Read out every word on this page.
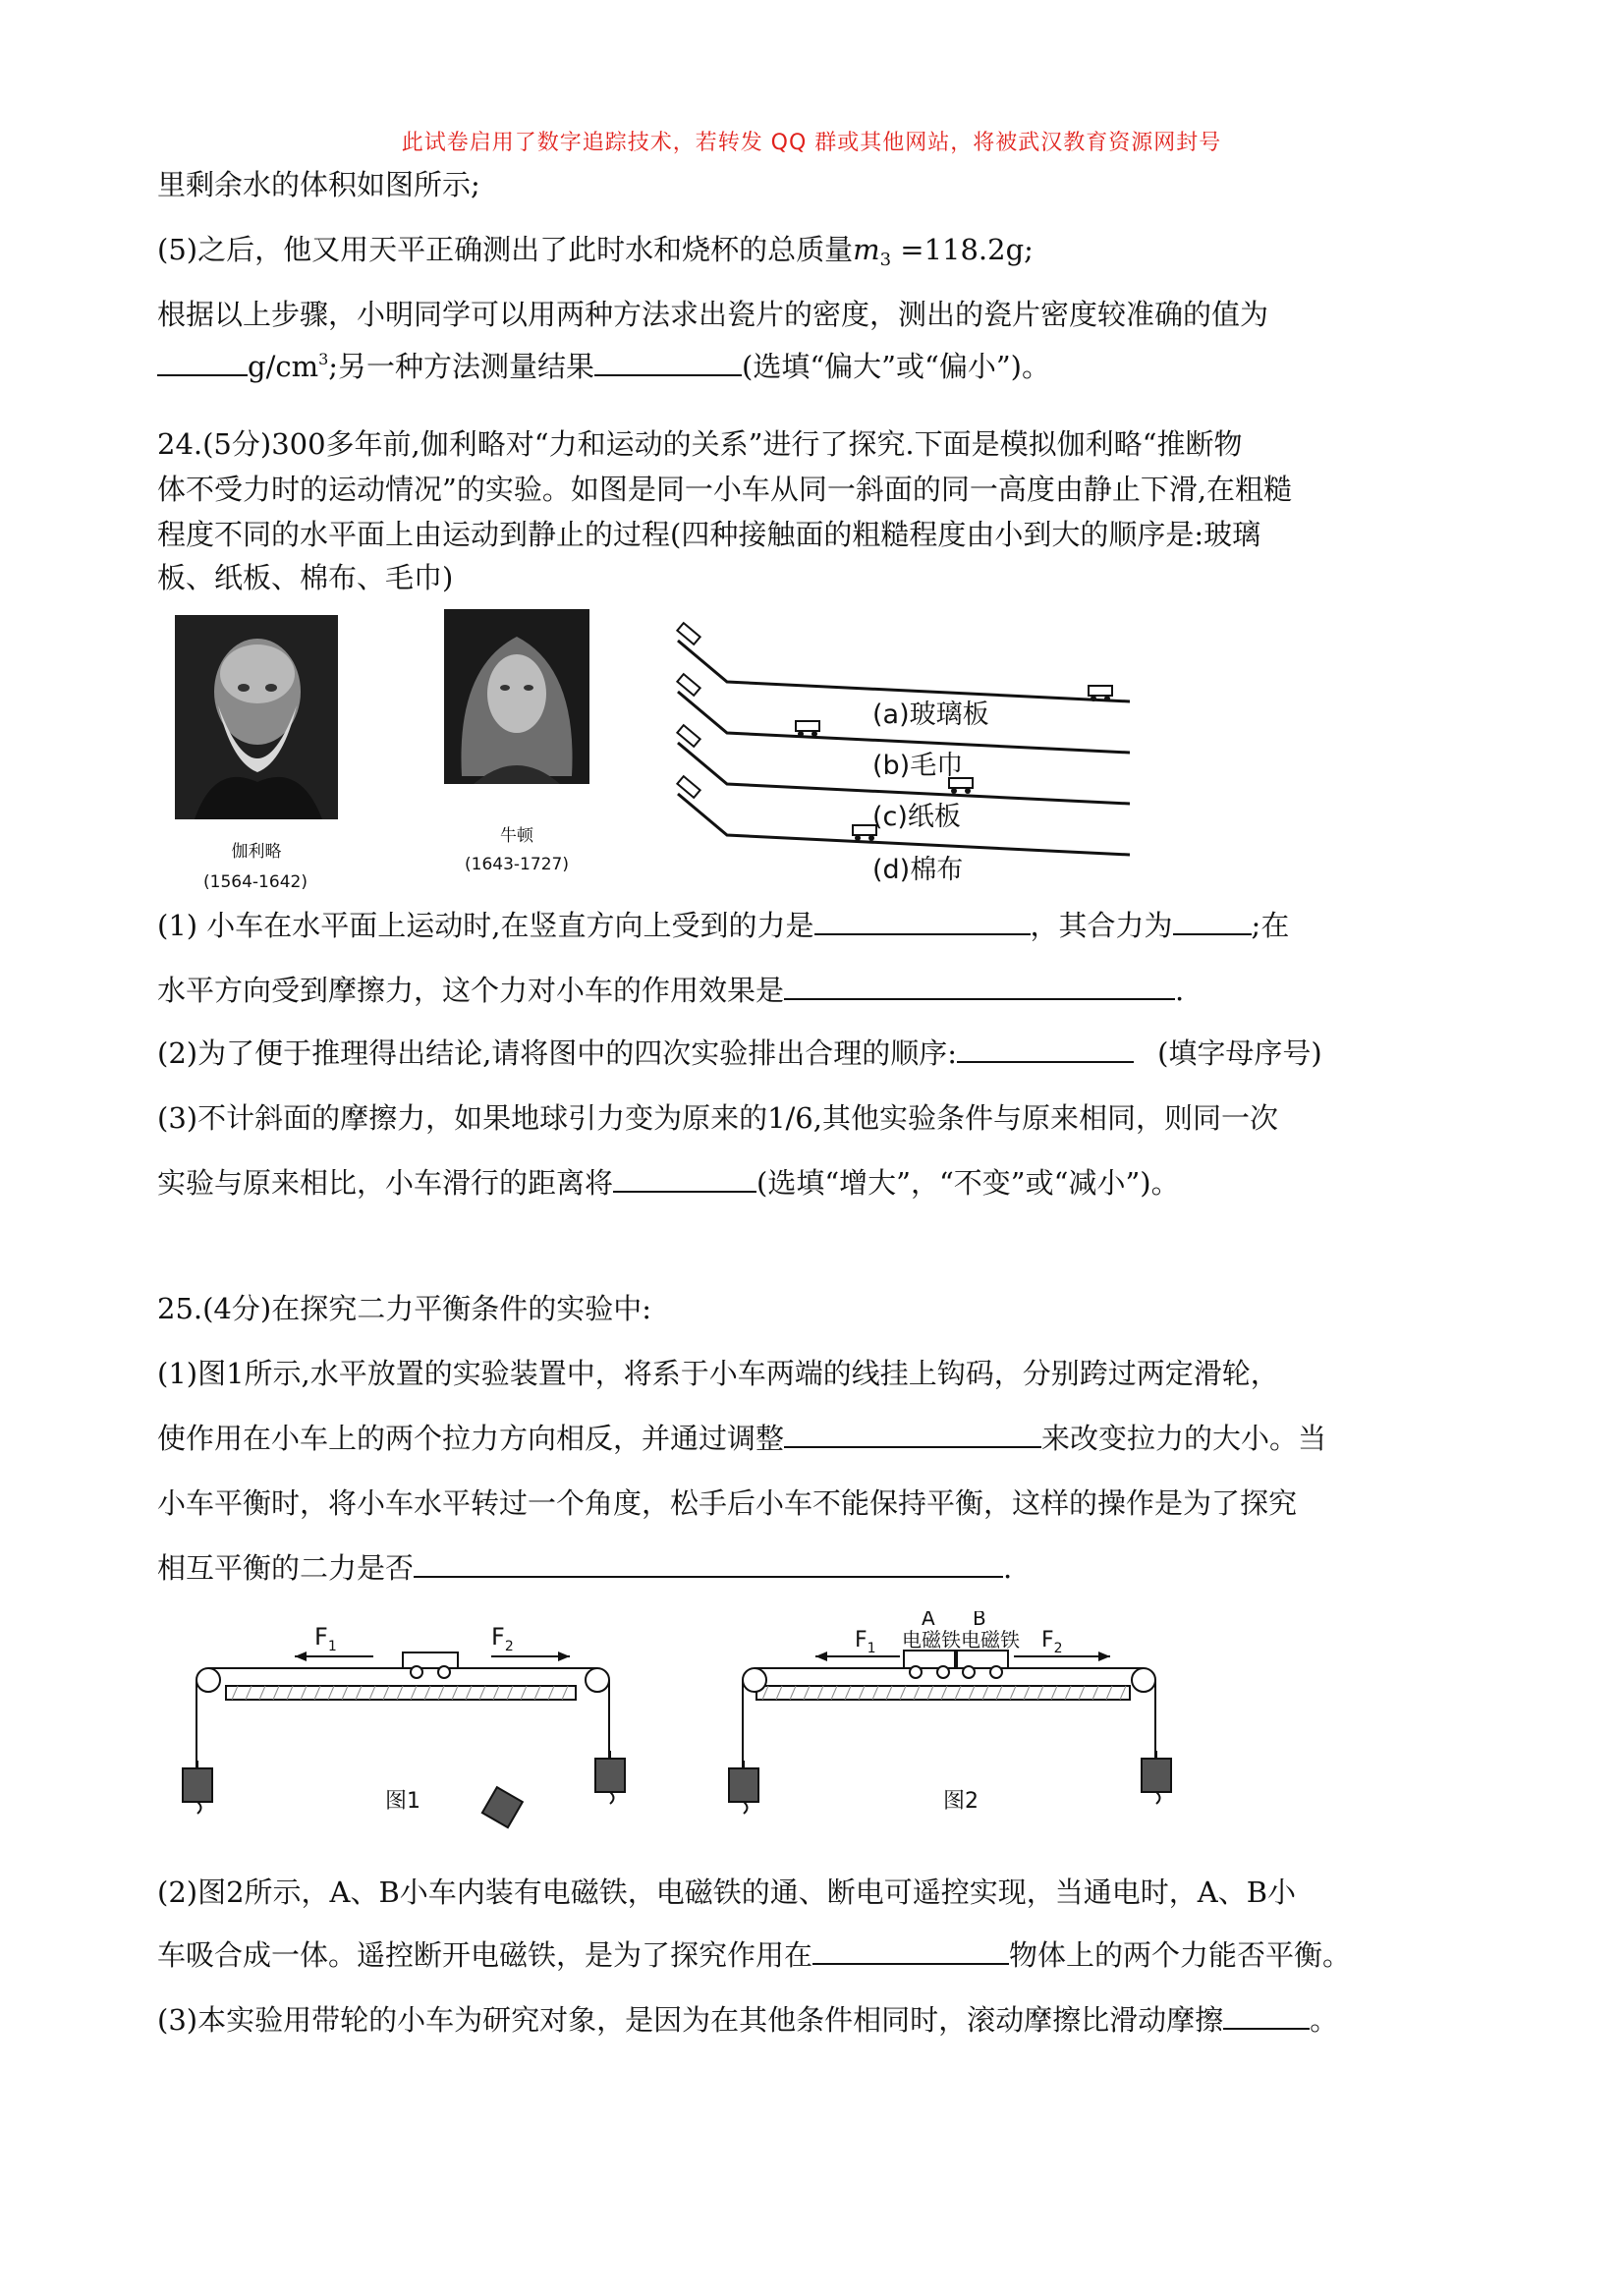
此试卷启用了数字追踪技术，若转发 QQ 群或其他网站，将被武汉教育资源网封号
里剩余水的体积如图所示;
(5)之后，他又用天平正确测出了此时水和烧杯的总质量$m_3 =118.2g$;
根据以上步骤，小明同学可以用两种方法求出瓷片的密度，测出的瓷片密度较准确的值为
$g/cm^3$;另一种方法测量结果	(选填“偏大”或“偏小”)。
24.(5分)300多年前,伽利略对“力和运动的关系”进行了探究.下面是模拟伽利略“推断物
体不受力时的运动情况”的实验。如图是同一小车从同一斜面的同一高度由静止下滑,在粗糙
程度不同的水平面上由运动到静止的过程(四种接触面的粗糙程度由小到大的顺序是:玻璃
板、纸板、棉布、毛巾)
伽利略
(1564-1642)
牛顿
(1643-1727)
(a)玻璃板
(b)毛巾
(c)纸板
(d)棉布
(1) 小车在水平面上运动时,在竖直方向上受到的力是	，其合力为	;在
水平方向受到摩擦力，这个力对小车的作用效果是	.
(2)为了便于推理得出结论,请将图中的四次实验排出合理的顺序:	(填字母序号)
(3)不计斜面的摩擦力，如果地球引力变为原来的1/6,其他实验条件与原来相同，则同一次
实验与原来相比，小车滑行的距离将	(选填“增大”，“不变”或“减小”)。
25.(4分)在探究二力平衡条件的实验中:
(1)图1所示,水平放置的实验装置中，将系于小车两端的线挂上钩码，分别跨过两定滑轮，
使作用在小车上的两个拉力方向相反，并通过调整	来改变拉力的大小。当
小车平衡时，将小车水平转过一个角度，松手后小车不能保持平衡，这样的操作是为了探究
相互平衡的二力是否	.
$F_1$	$F_2$
图1
电磁铁 电磁铁
A B
$F_1$	$F_2$
图2
(2)图2所示，A、B小车内装有电磁铁，电磁铁的通、断电可遥控实现，当通电时，A、B小
车吸合成一体。遥控断开电磁铁，是为了探究作用在	物体上的两个力能否平衡。
(3)本实验用带轮的小车为研究对象，是因为在其他条件相同时，滚动摩擦比滑动摩擦	。
